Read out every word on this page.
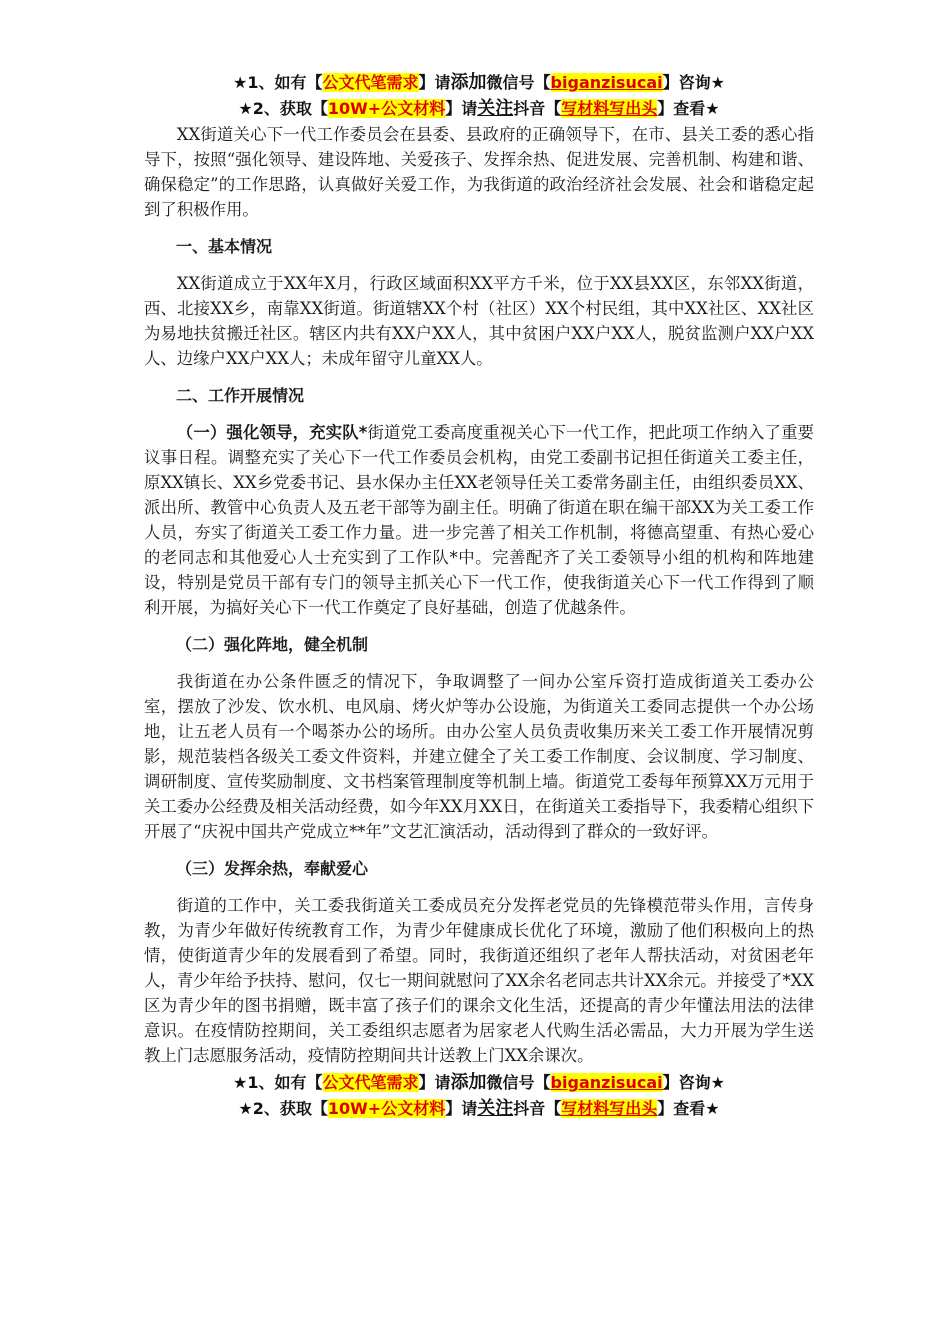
★1、如有【公文代笔需求】请添加微信号【biganzisucai】咨询★
★2、获取【10W+公文材料】请关注抖音【写材料写出头】查看★

XX街道关心下一代工作委员会在县委、县政府的正确领导下，在市、县关工委的悉心指导下，按照“强化领导、建设阵地、关爱孩子、发挥余热、促进发展、完善机制、构建和谐、确保稳定”的工作思路，认真做好关爱工作，为我街道的政治经济社会发展、社会和谐稳定起到了积极作用。

一、基本情况

XX街道成立于XX年X月，行政区域面积XX平方千米，位于XX县XX区，东邻XX街道，西、北接XX乡，南靠XX街道。街道辖XX个村（社区）XX个村民组，其中XX社区、XX社区为易地扶贫搬迁社区。辖区内共有XX户XX人，其中贫困户XX户XX人，脱贫监测户XX户XX人、边缘户XX户XX人；未成年留守儿童XX人。

二、工作开展情况

（一）强化领导，充实队*街道党工委高度重视关心下一代工作，把此项工作纳入了重要议事日程。调整充实了关心下一代工作委员会机构，由党工委副书记担任街道关工委主任，原XX镇长、XX乡党委书记、县水保办主任XX老领导任关工委常务副主任，由组织委员XX、派出所、教管中心负责人及五老干部等为副主任。明确了街道在职在编干部XX为关工委工作人员，夯实了街道关工委工作力量。进一步完善了相关工作机制，将德高望重、有热心爱心的老同志和其他爱心人士充实到了工作队*中。完善配齐了关工委领导小组的机构和阵地建设，特别是党员干部有专门的领导主抓关心下一代工作，使我街道关心下一代工作得到了顺利开展，为搞好关心下一代工作奠定了良好基础，创造了优越条件。

（二）强化阵地，健全机制

我街道在办公条件匮乏的情况下，争取调整了一间办公室斥资打造成街道关工委办公室，摆放了沙发、饮水机、电风扇、烤火炉等办公设施，为街道关工委同志提供一个办公场地，让五老人员有一个喝茶办公的场所。由办公室人员负责收集历来关工委工作开展情况剪影，规范装档各级关工委文件资料，并建立健全了关工委工作制度、会议制度、学习制度、调研制度、宣传奖励制度、文书档案管理制度等机制上墙。街道党工委每年预算XX万元用于关工委办公经费及相关活动经费，如今年XX月XX日，在街道关工委指导下，我委精心组织下开展了“庆祝中国共产党成立**年”文艺汇演活动，活动得到了群众的一致好评。

（三）发挥余热，奉献爱心

街道的工作中，关工委我街道关工委成员充分发挥老党员的先锋模范带头作用，言传身教，为青少年做好传统教育工作，为青少年健康成长优化了环境，激励了他们积极向上的热情，使街道青少年的发展看到了希望。同时，我街道还组织了老年人帮扶活动，对贫困老年人，青少年给予扶持、慰问，仅七一期间就慰问了XX余名老同志共计XX余元。并接受了*XX区为青少年的图书捐赠，既丰富了孩子们的课余文化生活，还提高的青少年懂法用法的法律意识。在疫情防控期间，关工委组织志愿者为居家老人代购生活必需品，大力开展为学生送教上门志愿服务活动，疫情防控期间共计送教上门XX余课次。

★1、如有【公文代笔需求】请添加微信号【biganzisucai】咨询★
★2、获取【10W+公文材料】请关注抖音【写材料写出头】查看★
